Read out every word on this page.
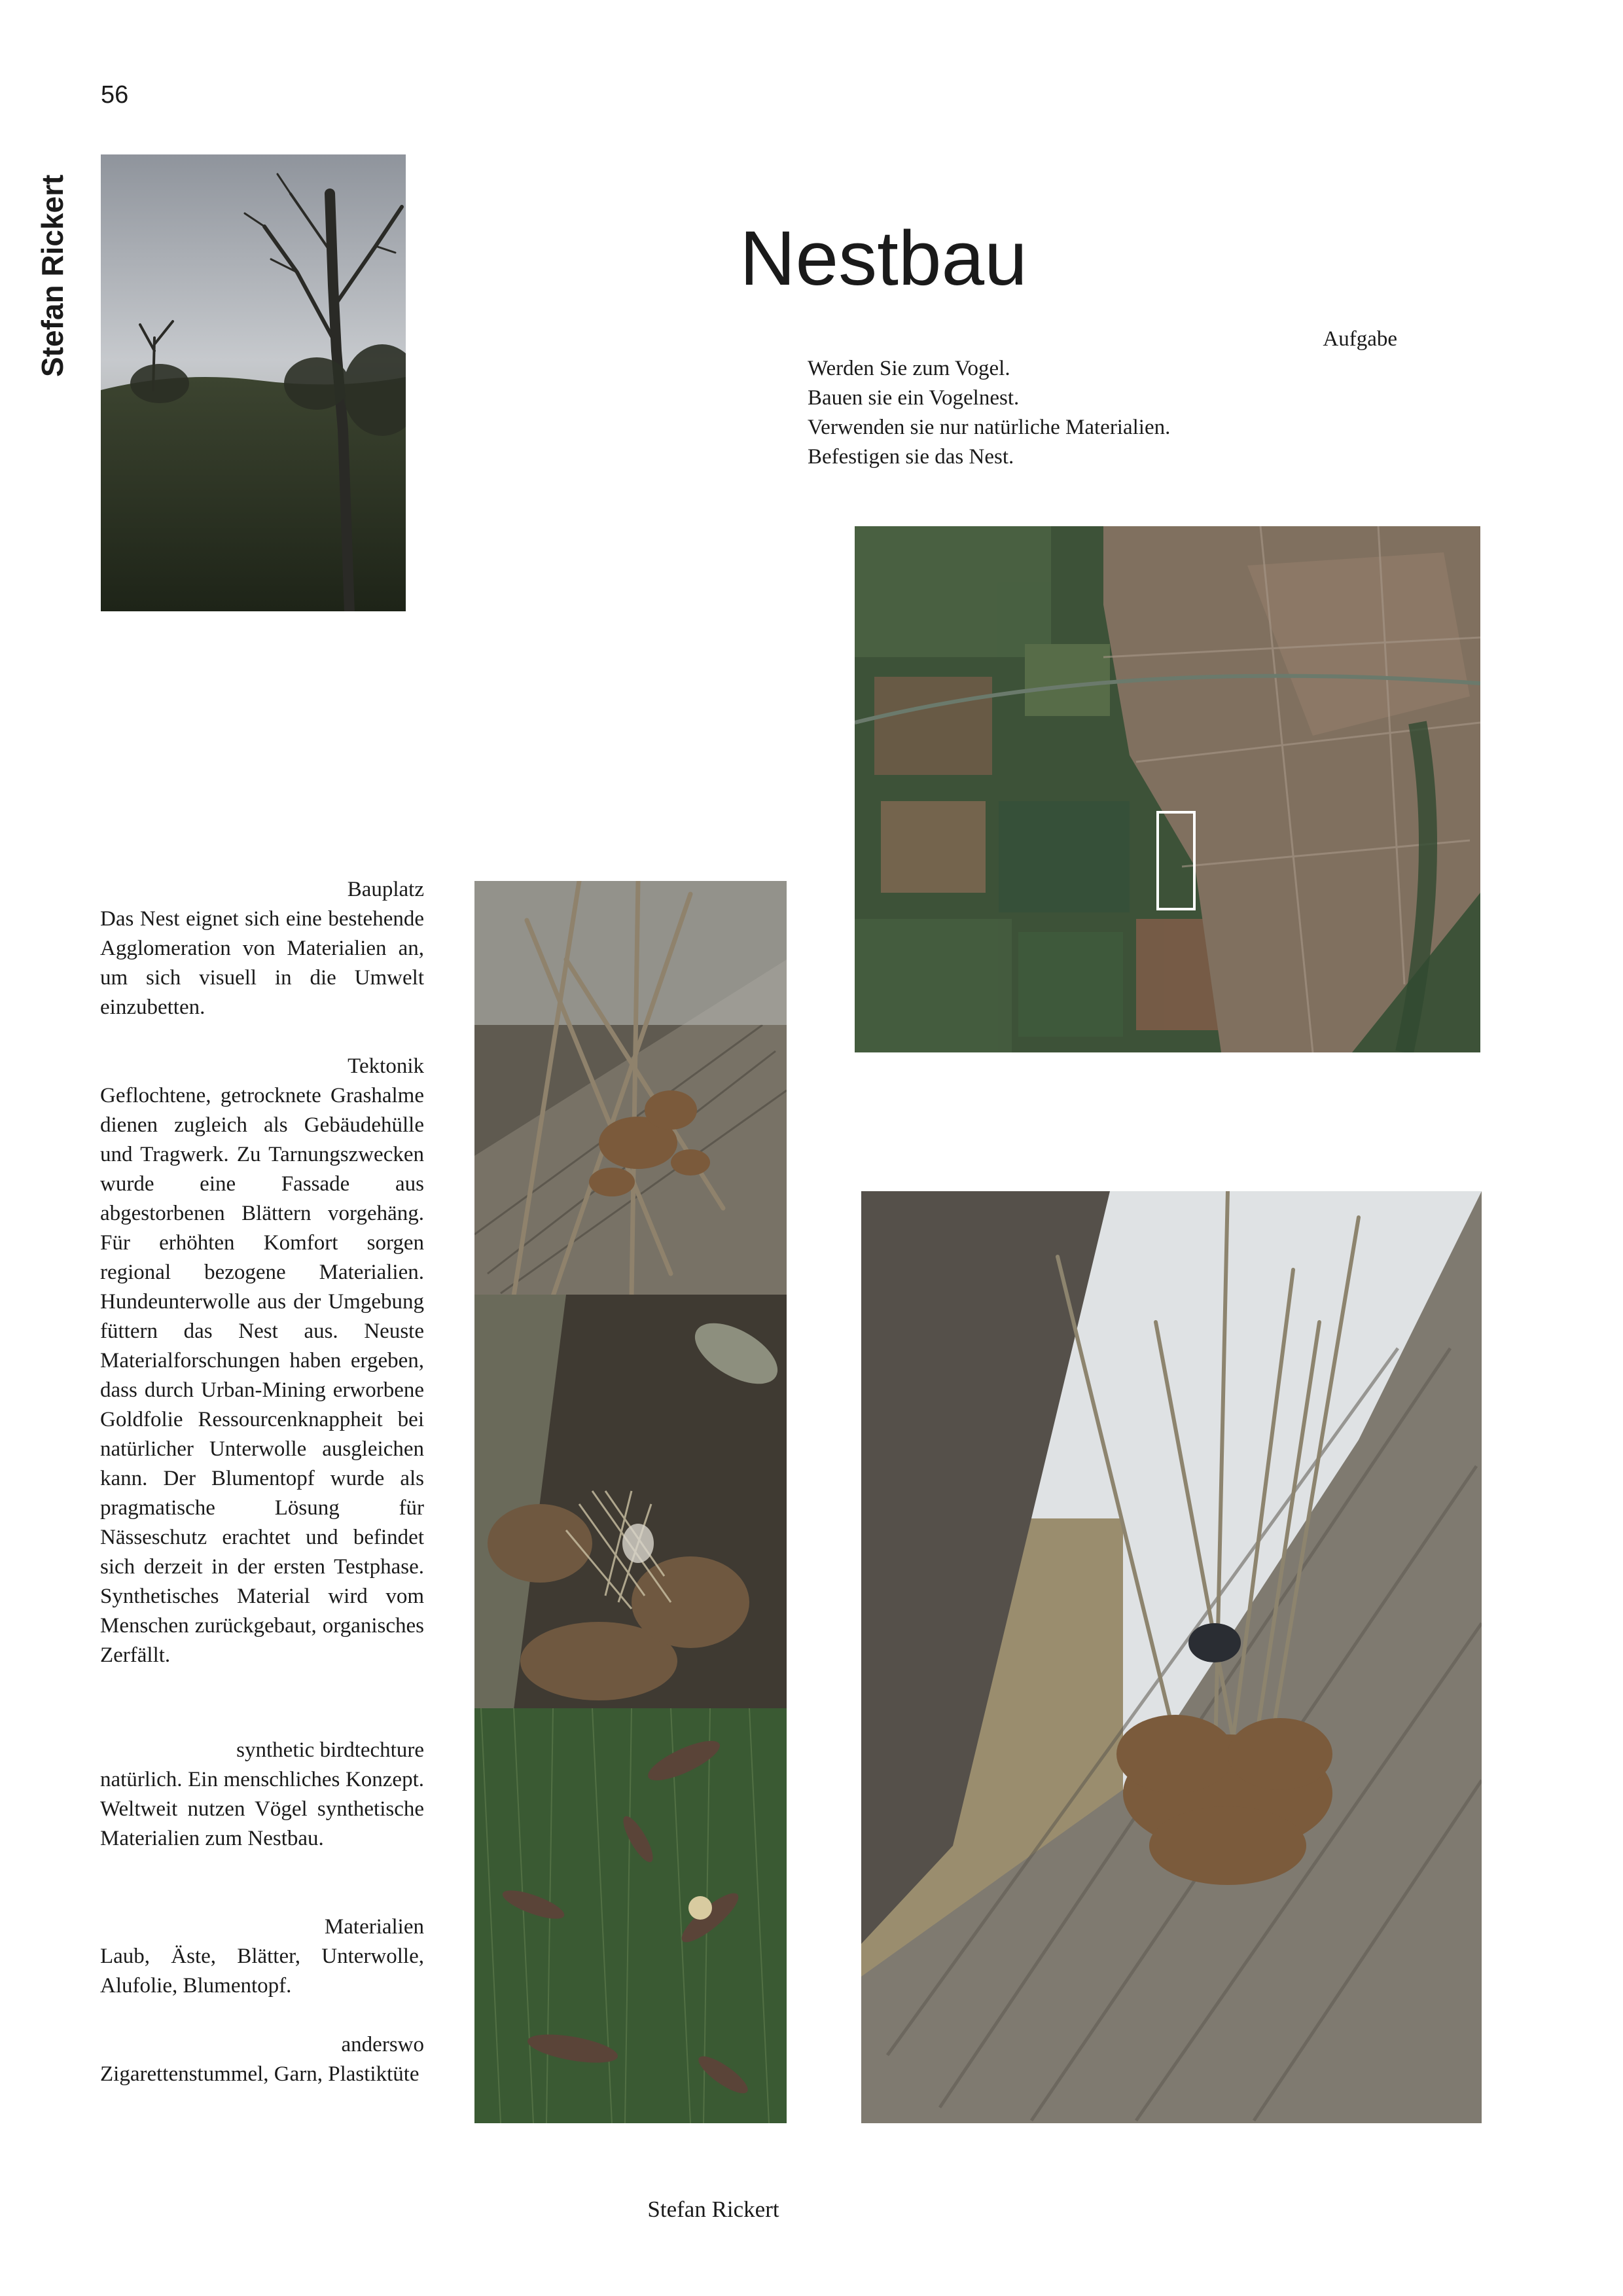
56
Stefan Rickert	Nestbau
Aufgabe
Werden Sie zum Vogel.
Bauen sie ein Vogelnest.
Verwenden sie nur natürliche Materialien.
Befestigen sie das Nest.
Bauplatz
Das Nest eignet sich eine bestehende Agglomeration von Materialien an, um sich visuell in die Umwelt einzubetten.
Tektonik
Geflochtene, getrocknete Grashalme dienen zugleich als Gebäudehülle und Tragwerk. Zu Tarnungszwecken wurde eine Fassade aus abgestorbenen Blättern vorgehäng. Für erhöhten Komfort sorgen regional bezogene Materialien. Hundeunterwolle aus der Umgebung füttern das Nest aus. Neuste Materialforschungen haben ergeben, dass durch Urban-Mining erworbene Goldfolie Ressourcenknappheit bei natürlicher Unterwolle ausgleichen kann. Der Blumentopf wurde als pragmatische Lösung für Nässeschutz erachtet und befindet sich derzeit in der ersten Testphase. Synthetisches Material wird vom Menschen zurückgebaut, organisches Zerfällt.
synthetic birdtechture
natürlich. Ein menschliches Konzept. Weltweit nutzen Vögel synthetische Materialien zum Nestbau.
Materialien
Laub, Äste, Blätter, Unterwolle, Alufolie, Blumentopf.
anderswo
Zigarettenstummel, Garn, Plastiktüte
Stefan Rickert
